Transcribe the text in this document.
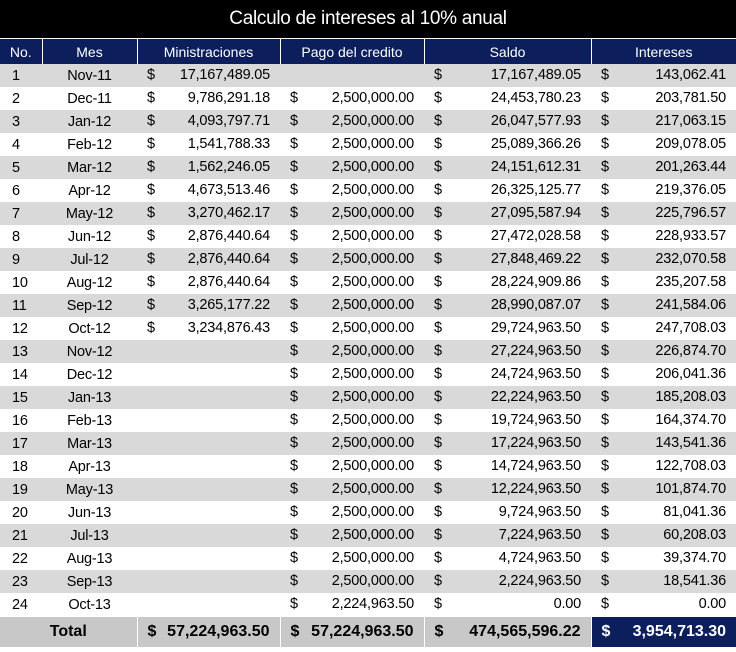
Calculo de intereses al 10% anual
No.	Mes	Ministraciones	Pago del credito	Saldo	Intereses
1	Nov-11	$ 17,167,489.05		$ 17,167,489.05	$ 143,062.41

2	Dec-11	$ 9,786,291.18	$ 2,500,000.00	$ 24,453,780.23	$ 203,781.50

3	Jan-12	$ 4,093,797.71	$ 2,500,000.00	$ 26,047,577.93	$ 217,063.15

4	Feb-12	$ 1,541,788.33	$ 2,500,000.00	$ 25,089,366.26	$ 209,078.05

5	Mar-12	$ 1,562,246.05	$ 2,500,000.00	$ 24,151,612.31	$ 201,263.44

6	Apr-12	$ 4,673,513.46	$ 2,500,000.00	$ 26,325,125.77	$ 219,376.05

7	May-12	$ 3,270,462.17	$ 2,500,000.00	$ 27,095,587.94	$ 225,796.57

8	Jun-12	$ 2,876,440.64	$ 2,500,000.00	$ 27,472,028.58	$ 228,933.57

9	Jul-12	$ 2,876,440.64	$ 2,500,000.00	$ 27,848,469.22	$ 232,070.58

10	Aug-12	$ 2,876,440.64	$ 2,500,000.00	$ 28,224,909.86	$ 235,207.58

11	Sep-12	$ 3,265,177.22	$ 2,500,000.00	$ 28,990,087.07	$ 241,584.06

12	Oct-12	$ 3,234,876.43	$ 2,500,000.00	$ 29,724,963.50	$ 247,708.03

13	Nov-12		$ 2,500,000.00	$ 27,224,963.50	$ 226,874.70

14	Dec-12		$ 2,500,000.00	$ 24,724,963.50	$ 206,041.36

15	Jan-13		$ 2,500,000.00	$ 22,224,963.50	$ 185,208.03

16	Feb-13		$ 2,500,000.00	$ 19,724,963.50	$ 164,374.70

17	Mar-13		$ 2,500,000.00	$ 17,224,963.50	$ 143,541.36

18	Apr-13		$ 2,500,000.00	$ 14,724,963.50	$ 122,708.03

19	May-13		$ 2,500,000.00	$ 12,224,963.50	$ 101,874.70

20	Jun-13		$ 2,500,000.00	$ 9,724,963.50	$ 81,041.36

21	Jul-13		$ 2,500,000.00	$ 7,224,963.50	$ 60,208.03

22	Aug-13		$ 2,500,000.00	$ 4,724,963.50	$ 39,374.70

23	Sep-13		$ 2,500,000.00	$ 2,224,963.50	$ 18,541.36

24	Oct-13		$ 2,224,963.50	$ 0.00	$ 0.00

Total		$ 57,224,963.50	$ 57,224,963.50	$ 474,565,596.22	$ 3,954,713.30
